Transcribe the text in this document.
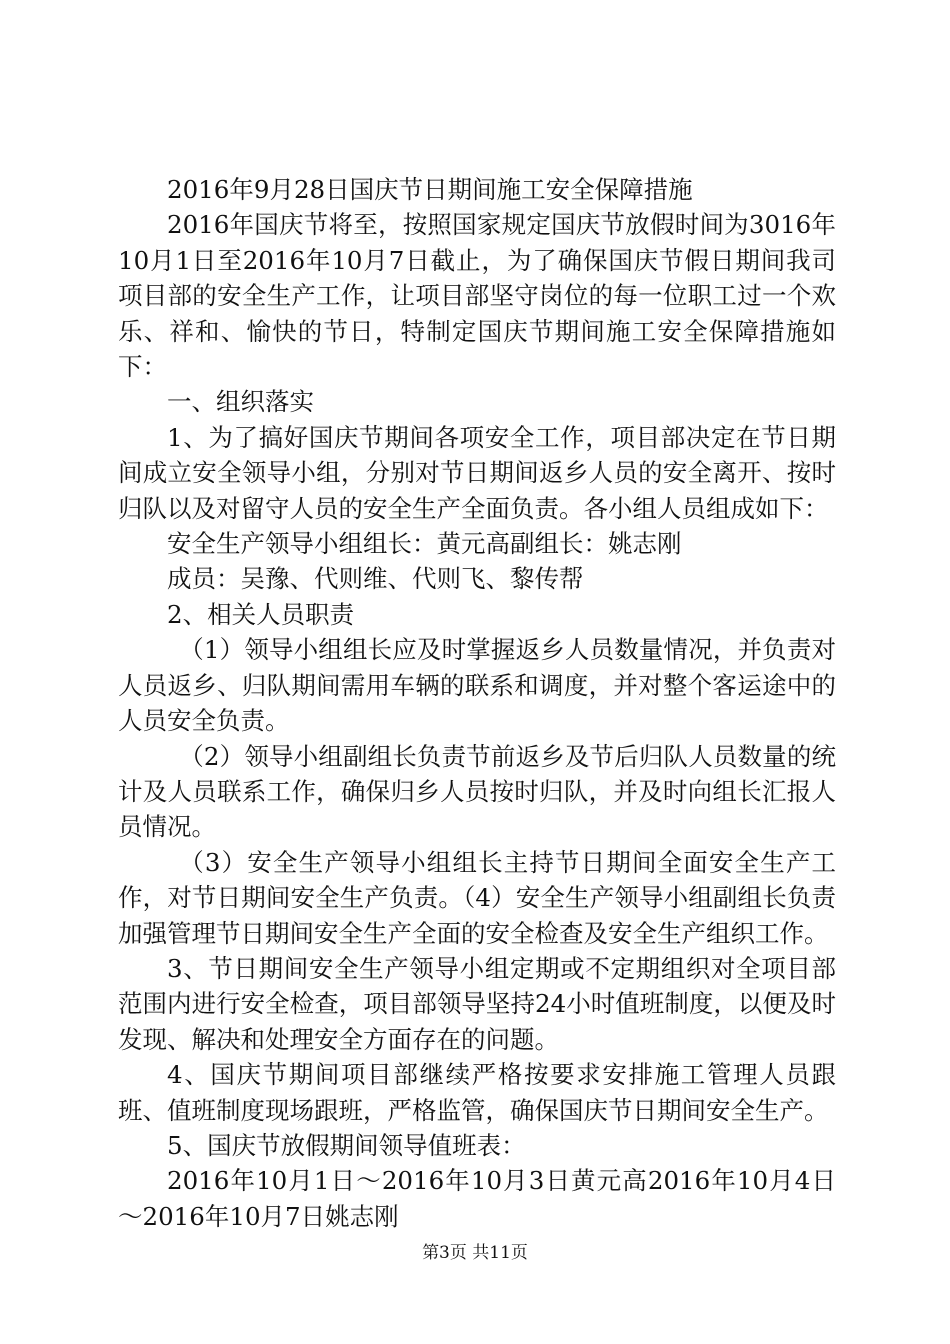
2016年9月28日国庆节日期间施工安全保障措施

2016年国庆节将至，按照国家规定国庆节放假时间为3016年10月1日至2016年10月7日截止，为了确保国庆节假日期间我司项目部的安全生产工作，让项目部坚守岗位的每一位职工过一个欢乐、祥和、愉快的节日，特制定国庆节期间施工安全保障措施如下：

一、组织落实

1、为了搞好国庆节期间各项安全工作，项目部决定在节日期间成立安全领导小组，分别对节日期间返乡人员的安全离开、按时归队以及对留守人员的安全生产全面负责。各小组人员组成如下：

安全生产领导小组组长：黄元高副组长：姚志刚

成员：吴豫、代则维、代则飞、黎传帮

2、相关人员职责

（1）领导小组组长应及时掌握返乡人员数量情况，并负责对人员返乡、归队期间需用车辆的联系和调度，并对整个客运途中的人员安全负责。

（2）领导小组副组长负责节前返乡及节后归队人员数量的统计及人员联系工作，确保归乡人员按时归队，并及时向组长汇报人员情况。

（3）安全生产领导小组组长主持节日期间全面安全生产工作，对节日期间安全生产负责。（4）安全生产领导小组副组长负责加强管理节日期间安全生产全面的安全检查及安全生产组织工作。

3、节日期间安全生产领导小组定期或不定期组织对全项目部范围内进行安全检查，项目部领导坚持24小时值班制度，以便及时发现、解决和处理安全方面存在的问题。

4、国庆节期间项目部继续严格按要求安排施工管理人员跟班、值班制度现场跟班，严格监管，确保国庆节日期间安全生产。

5、国庆节放假期间领导值班表：

2016年10月1日～2016年10月3日黄元高2016年10月4日～2016年10月7日姚志刚

第3页 共11页
